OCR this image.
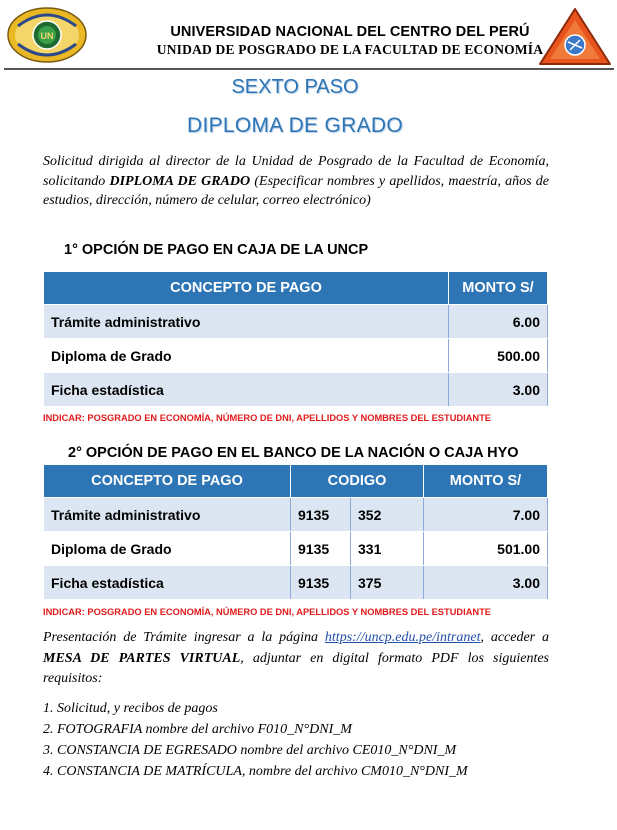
UN	UNIVERSIDAD NACIONAL DEL CENTRO DEL PERÚ
UNIDAD DE POSGRADO DE LA FACULTAD DE ECONOMÍA
SEXTO PASO
DIPLOMA DE GRADO

Solicitud dirigida al director de la Unidad de Posgrado de la Facultad de Economía, solicitando DIPLOMA DE GRADO (Especificar nombres y apellidos, maestría, años de estudios, dirección, número de celular, correo electrónico)

1° OPCIÓN DE PAGO EN CAJA DE LA UNCP
CONCEPTO DE PAGO	MONTO S/
Trámite administrativo	6.00
Diploma de Grado	500.00
Ficha estadística	3.00
INDICAR: POSGRADO EN ECONOMÍA, NÚMERO DE DNI, APELLIDOS Y NOMBRES DEL ESTUDIANTE
2° OPCIÓN DE PAGO EN EL BANCO DE LA NACIÓN O CAJA HYO
CONCEPTO DE PAGO	CODIGO		MONTO S/
Trámite administrativo	9135	352	7.00
Diploma de Grado	9135	331	501.00
Ficha estadística	9135	375	3.00
INDICAR: POSGRADO EN ECONOMÍA, NÚMERO DE DNI, APELLIDOS Y NOMBRES DEL ESTUDIANTE

Presentación de Trámite ingresar a la página https://uncp.edu.pe/intranet, acceder a MESA DE PARTES VIRTUAL, adjuntar en digital formato PDF los siguientes requisitos:

1. Solicitud, y recibos de pagos
2. FOTOGRAFIA nombre del archivo F010_N°DNI_M
3. CONSTANCIA DE EGRESADO nombre del archivo CE010_N°DNI_M
4. CONSTANCIA DE MATRÍCULA, nombre del archivo CM010_N°DNI_M
